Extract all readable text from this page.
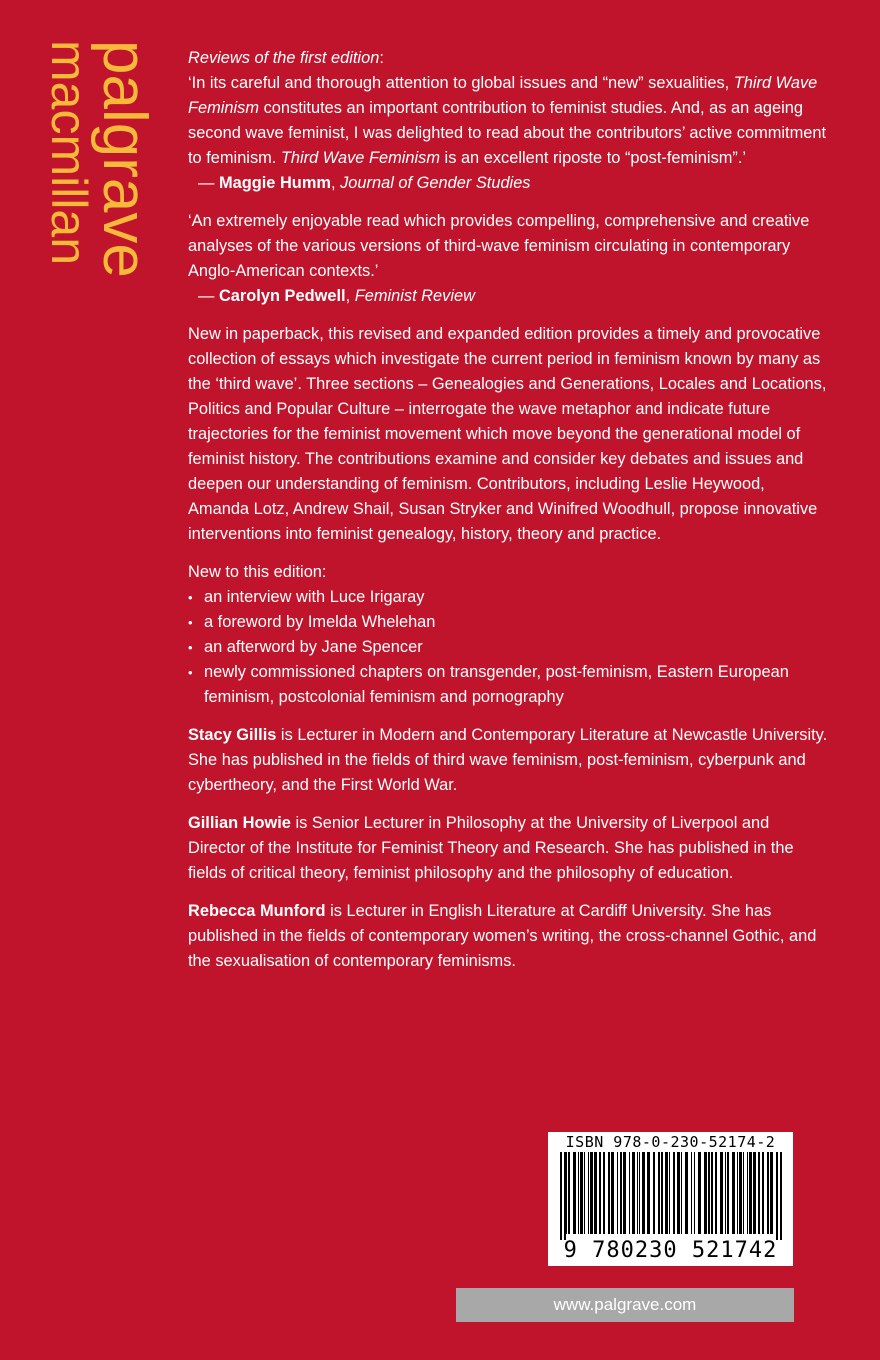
palgrave
macmillan	Reviews of the first edition:

‘In its careful and thorough attention to global issues and “new” sexualities, Third Wave Feminism constitutes an important contribution to feminist studies. And, as an ageing second wave feminist, I was delighted to read about the contributors’ active commitment to feminism. Third Wave Feminism is an excellent riposte to “post-feminism”.’

— Maggie Humm, Journal of Gender Studies

‘An extremely enjoyable read which provides compelling, comprehensive and creative analyses of the various versions of third-wave feminism circulating in contemporary Anglo-American contexts.’

— Carolyn Pedwell, Feminist Review

New in paperback, this revised and expanded edition provides a timely and provocative collection of essays which investigate the current period in feminism known by many as the ‘third wave’. Three sections – Genealogies and Generations, Locales and Locations, Politics and Popular Culture – interrogate the wave metaphor and indicate future trajectories for the feminist movement which move beyond the generational model of feminist history. The contributions examine and consider key debates and issues and deepen our understanding of feminism. Contributors, including Leslie Heywood, Amanda Lotz, Andrew Shail, Susan Stryker and Winifred Woodhull, propose innovative interventions into feminist genealogy, history, theory and practice.

New to this edition:

• an interview with Luce Irigaray
• a foreword by Imelda Whelehan
• an afterword by Jane Spencer
• newly commissioned chapters on transgender, post-feminism, Eastern European feminism, postcolonial feminism and pornography

Stacy Gillis is Lecturer in Modern and Contemporary Literature at Newcastle University. She has published in the fields of third wave feminism, post-feminism, cyberpunk and cybertheory, and the First World War.

Gillian Howie is Senior Lecturer in Philosophy at the University of Liverpool and Director of the Institute for Feminist Theory and Research. She has published in the fields of critical theory, feminist philosophy and the philosophy of education.

Rebecca Munford is Lecturer in English Literature at Cardiff University. She has published in the fields of contemporary women’s writing, the cross-channel Gothic, and the sexualisation of contemporary feminisms.

ISBN 978-0-230-52174-2
9 780230 521742
www.palgrave.com
